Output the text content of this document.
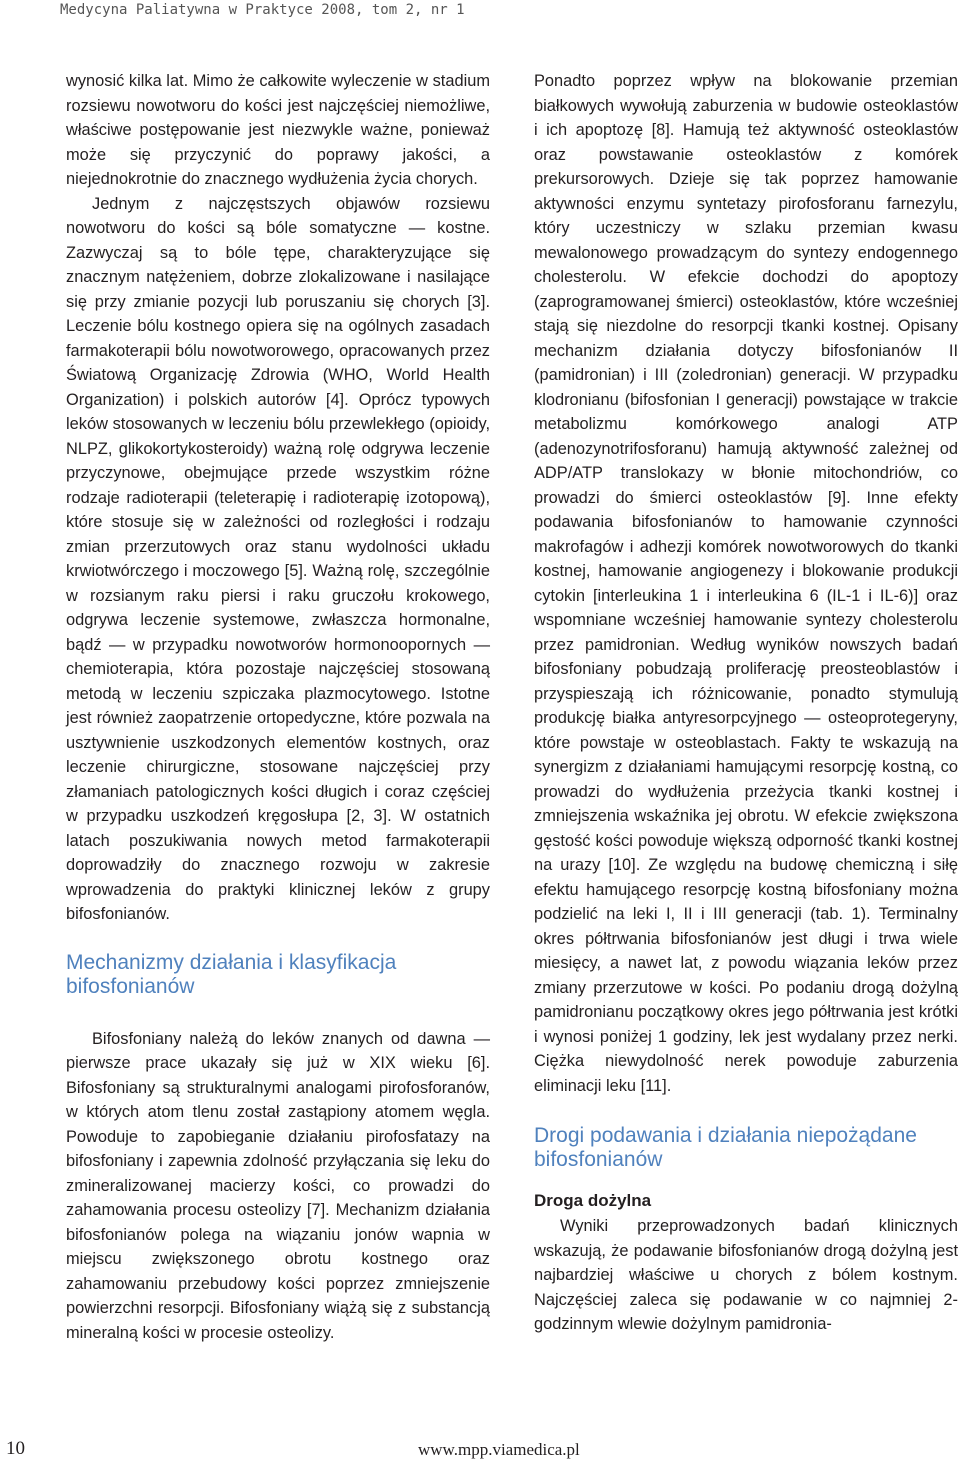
Medycyna Paliatywna w Praktyce 2008, tom 2, nr 1

wynosić kilka lat. Mimo że całkowite wyleczenie w stadium rozsiewu nowotworu do kości jest najczęściej niemożliwe, właściwe postępowanie jest niezwykle ważne, ponieważ może się przyczynić do poprawy jakości, a niejednokrotnie do znacznego wydłużenia życia chorych.

Jednym z najczęstszych objawów rozsiewu nowotworu do kości są bóle somatyczne — kostne. Zazwyczaj są to bóle tępe, charakteryzujące się znacznym natężeniem, dobrze zlokalizowane i nasilające się przy zmianie pozycji lub poruszaniu się chorych [3]. Leczenie bólu kostnego opiera się na ogólnych zasadach farmakoterapii bólu nowotworowego, opracowanych przez Światową Organizację Zdrowia (WHO, World Health Organization) i polskich autorów [4]. Oprócz typowych leków stosowanych w leczeniu bólu przewlekłego (opioidy, NLPZ, glikokortykosteroidy) ważną rolę odgrywa leczenie przyczynowe, obejmujące przede wszystkim różne rodzaje radioterapii (teleterapię i radioterapię izotopową), które stosuje się w zależności od rozległości i rodzaju zmian przerzutowych oraz stanu wydolności układu krwiotwórczego i moczowego [5]. Ważną rolę, szczególnie w rozsianym raku piersi i raku gruczołu krokowego, odgrywa leczenie systemowe, zwłaszcza hormonalne, bądź — w przypadku nowotworów hormonoopornych — chemioterapia, która pozostaje najczęściej stosowaną metodą w leczeniu szpiczaka plazmocytowego. Istotne jest również zaopatrzenie ortopedyczne, które pozwala na usztywnienie uszkodzonych elementów kostnych, oraz leczenie chirurgiczne, stosowane najczęściej przy złamaniach patologicznych kości długich i coraz częściej w przypadku uszkodzeń kręgosłupa [2, 3]. W ostatnich latach poszukiwania nowych metod farmakoterapii doprowadziły do znacznego rozwoju w zakresie wprowadzenia do praktyki klinicznej leków z grupy bifosfonianów.

Mechanizmy działania i klasyfikacja bifosfonianów

Bifosfoniany należą do leków znanych od dawna — pierwsze prace ukazały się już w XIX wieku [6]. Bifosfoniany są strukturalnymi analogami pirofosforanów, w których atom tlenu został zastąpiony atomem węgla. Powoduje to zapobieganie działaniu pirofosfatazy na bifosfoniany i zapewnia zdolność przyłączania się leku do zmineralizowanej macierzy kości, co prowadzi do zahamowania procesu osteolizy [7]. Mechanizm działania bifosfonianów polega na wiązaniu jonów wapnia w miejscu zwiększonego obrotu kostnego oraz zahamowaniu przebudowy kości poprzez zmniejszenie powierzchni resorpcji. Bifosfoniany wiążą się z substancją mineralną kości w procesie osteolizy.

Ponadto poprzez wpływ na blokowanie przemian białkowych wywołują zaburzenia w budowie osteoklastów i ich apoptozę [8]. Hamują też aktywność osteoklastów oraz powstawanie osteoklastów z komórek prekursorowych. Dzieje się tak poprzez hamowanie aktywności enzymu syntetazy pirofosforanu farnezylu, który uczestniczy w szlaku przemian kwasu mewalonowego prowadzącym do syntezy endogennego cholesterolu. W efekcie dochodzi do apoptozy (zaprogramowanej śmierci) osteoklastów, które wcześniej stają się niezdolne do resorpcji tkanki kostnej. Opisany mechanizm działania dotyczy bifosfonianów II (pamidronian) i III (zoledronian) generacji. W przypadku klodronianu (bifosfonian I generacji) powstające w trakcie metabolizmu komórkowego analogi ATP (adenozynotrifosforanu) hamują aktywność zależnej od ADP/ATP translokazy w błonie mitochondriów, co prowadzi do śmierci osteoklastów [9]. Inne efekty podawania bifosfonianów to hamowanie czynności makrofagów i adhezji komórek nowotworowych do tkanki kostnej, hamowanie angiogenezy i blokowanie produkcji cytokin [interleukina 1 i interleukina 6 (IL-1 i IL-6)] oraz wspomniane wcześniej hamowanie syntezy cholesterolu przez pamidronian. Według wyników nowszych badań bifosfoniany pobudzają proliferację preosteoblastów i przyspieszają ich różnicowanie, ponadto stymulują produkcję białka antyresorpcyjnego — osteoprotegeryny, które powstaje w osteoblastach. Fakty te wskazują na synergizm z działaniami hamującymi resorpcję kostną, co prowadzi do wydłużenia przeżycia tkanki kostnej i zmniejszenia wskaźnika jej obrotu. W efekcie zwiększona gęstość kości powoduje większą odporność tkanki kostnej na urazy [10]. Ze względu na budowę chemiczną i siłę efektu hamującego resorpcję kostną bifosfoniany można podzielić na leki I, II i III generacji (tab. 1). Terminalny okres półtrwania bifosfonianów jest długi i trwa wiele miesięcy, a nawet lat, z powodu wiązania leków przez zmiany przerzutowe w kości. Po podaniu drogą dożylną pamidronianu początkowy okres jego półtrwania jest krótki i wynosi poniżej 1 godziny, lek jest wydalany przez nerki. Ciężka niewydolność nerek powoduje zaburzenia eliminacji leku [11].

Drogi podawania i działania niepożądane bifosfonianów
Droga dożylna

Wyniki przeprowadzonych badań klinicznych wskazują, że podawanie bifosfonianów drogą dożylną jest najbardziej właściwe u chorych z bólem kostnym. Najczęściej zaleca się podawanie w co najmniej 2-godzinnym wlewie dożylnym pamidronia-

10	www.mpp.viamedica.pl
